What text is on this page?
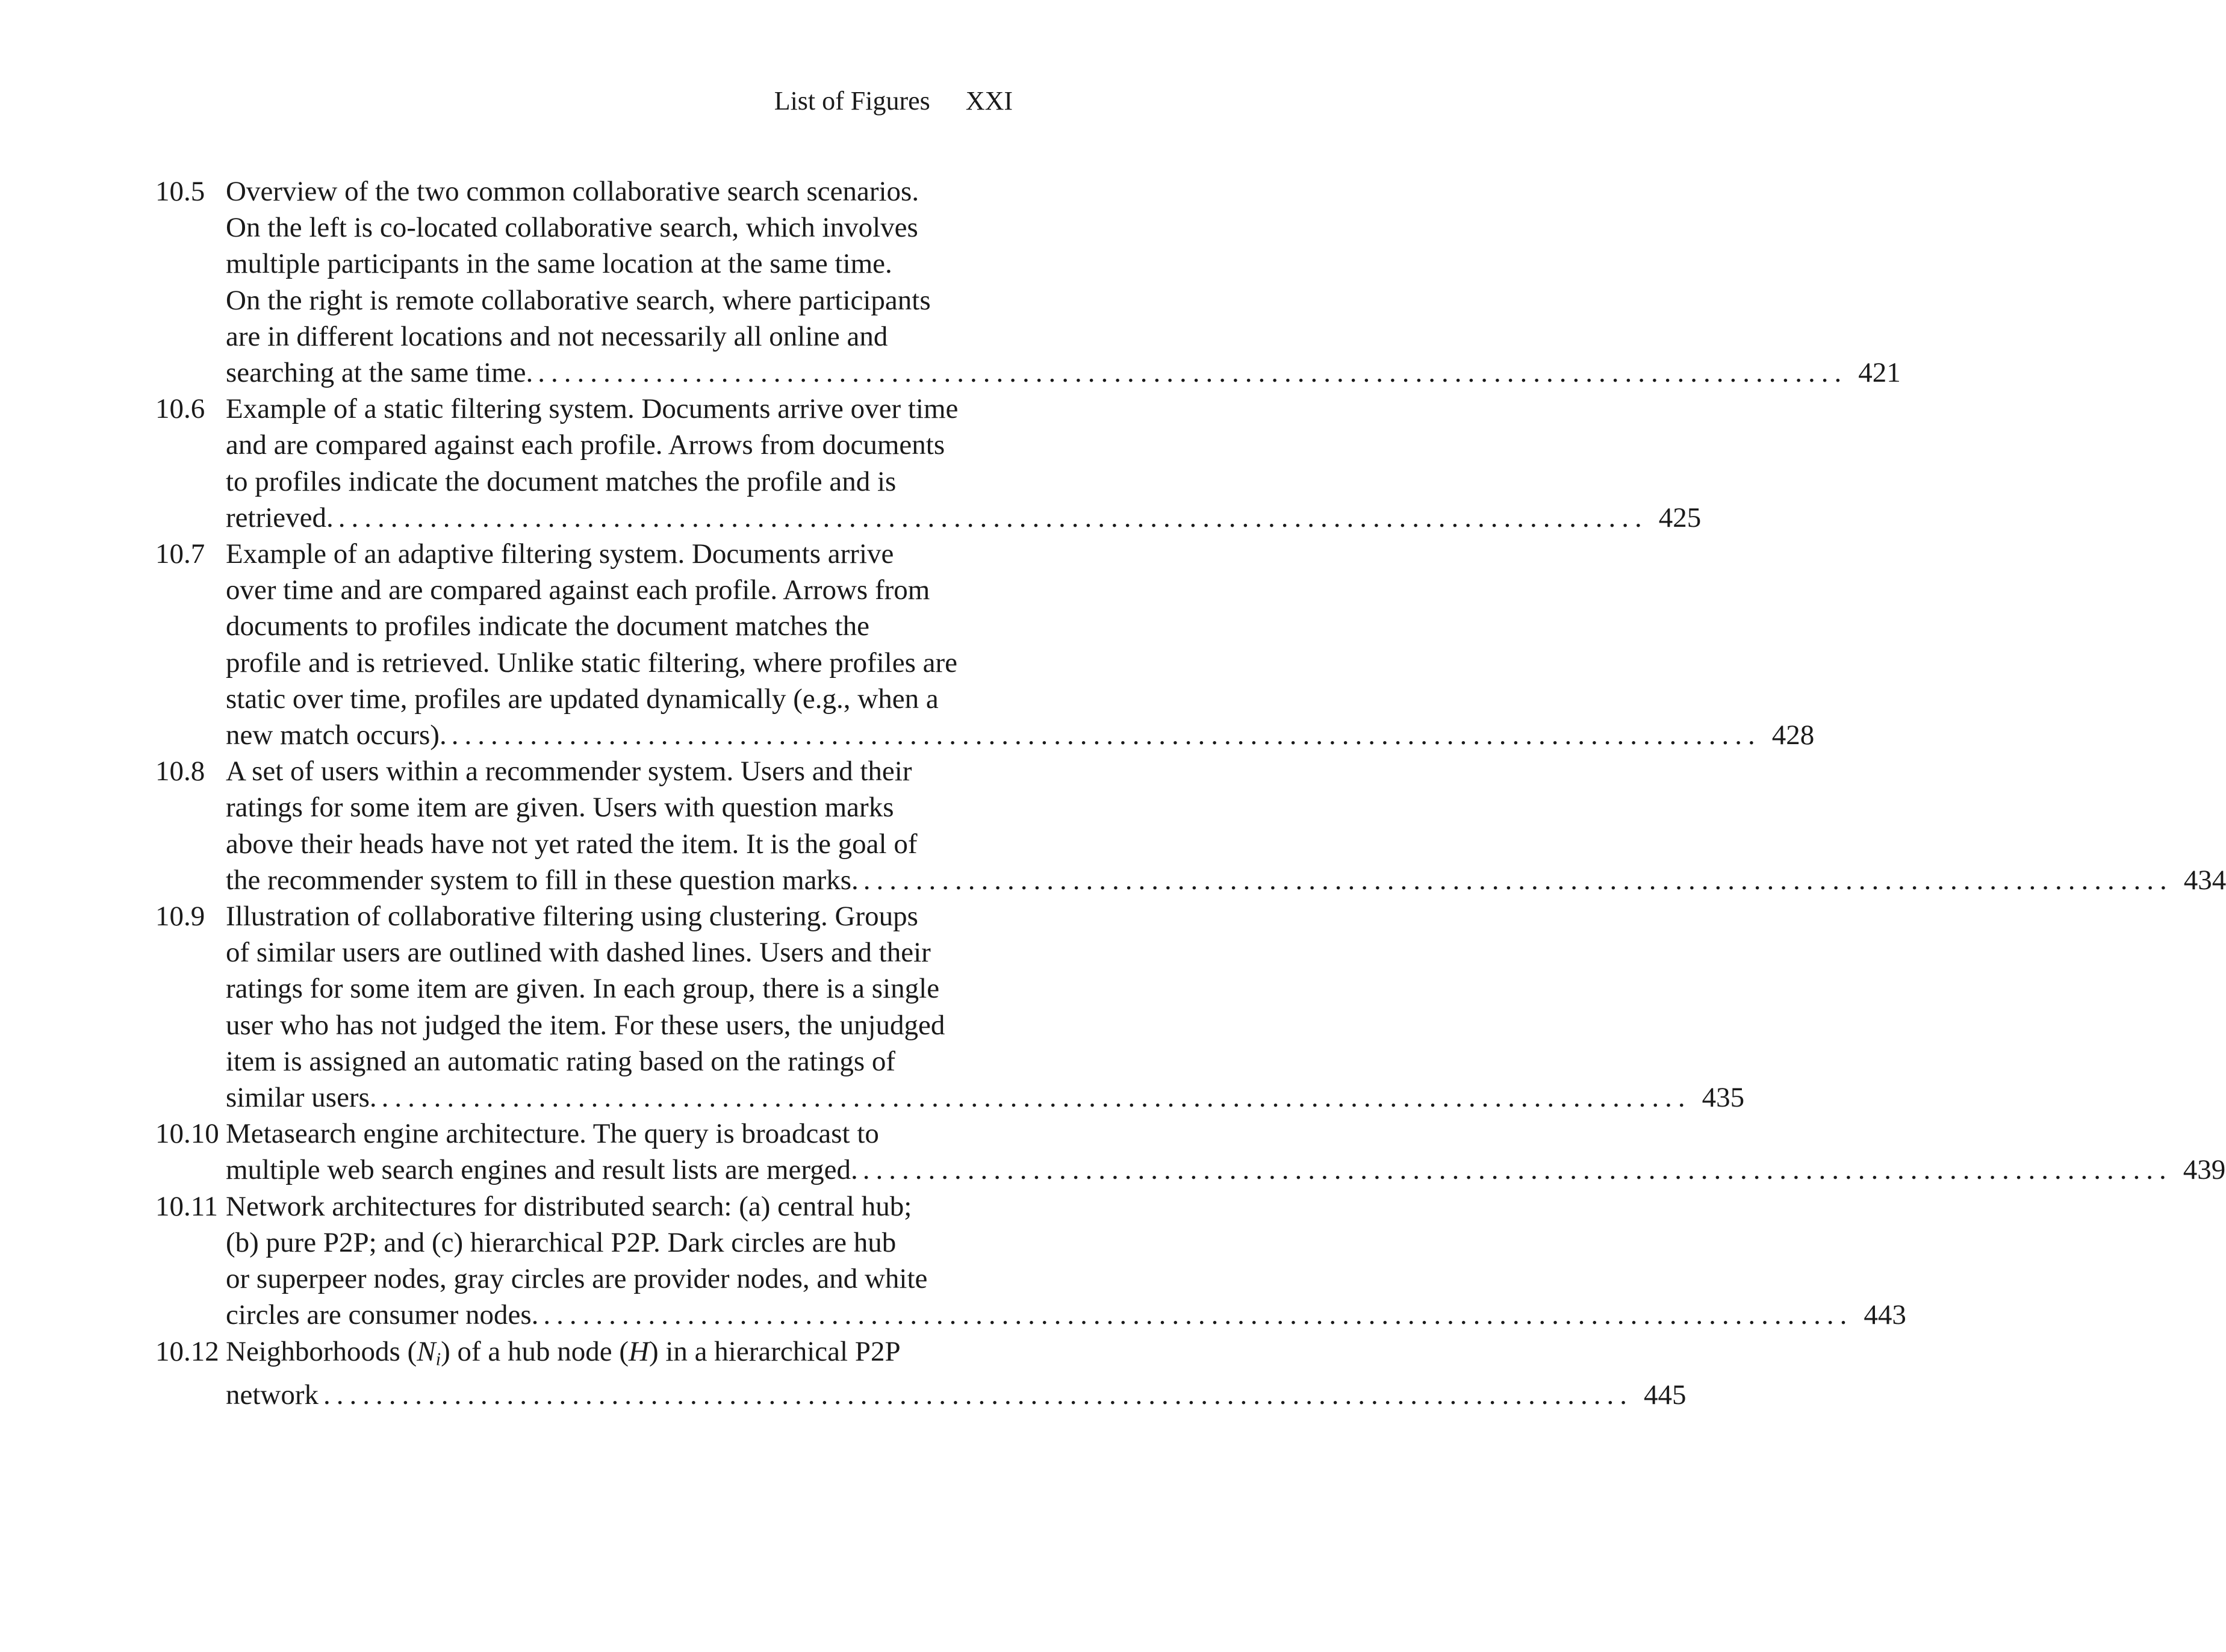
List of Figures XXI
10.5 Overview of the two common collaborative search scenarios.
On the left is co-located collaborative search, which involves
multiple participants in the same location at the same time.
On the right is remote collaborative search, where participants
are in different locations and not necessarily all online and
searching at the same time. .................................................................................................... 421
10.6 Example of a static filtering system. Documents arrive over time
and are compared against each profile. Arrows from documents
to profiles indicate the document matches the profile and is
retrieved. .................................................................................................... 425
10.7 Example of an adaptive filtering system. Documents arrive
over time and are compared against each profile. Arrows from
documents to profiles indicate the document matches the
profile and is retrieved. Unlike static filtering, where profiles are
static over time, profiles are updated dynamically (e.g., when a
new match occurs). .................................................................................................... 428
10.8 A set of users within a recommender system. Users and their
ratings for some item are given. Users with question marks
above their heads have not yet rated the item. It is the goal of
the recommender system to fill in these question marks. .................................................................................................... 434
10.9 Illustration of collaborative filtering using clustering. Groups
of similar users are outlined with dashed lines. Users and their
ratings for some item are given. In each group, there is a single
user who has not judged the item. For these users, the unjudged
item is assigned an automatic rating based on the ratings of
similar users. .................................................................................................... 435
10.10 Metasearch engine architecture. The query is broadcast to
multiple web search engines and result lists are merged. .................................................................................................... 439
10.11 Network architectures for distributed search: (a) central hub;
(b) pure P2P; and (c) hierarchical P2P. Dark circles are hub
or superpeer nodes, gray circles are provider nodes, and white
circles are consumer nodes. .................................................................................................... 443
10.12 Neighborhoods $(N_i)$ of a hub node (H) in a hierarchical P2P
network .................................................................................................... 445
